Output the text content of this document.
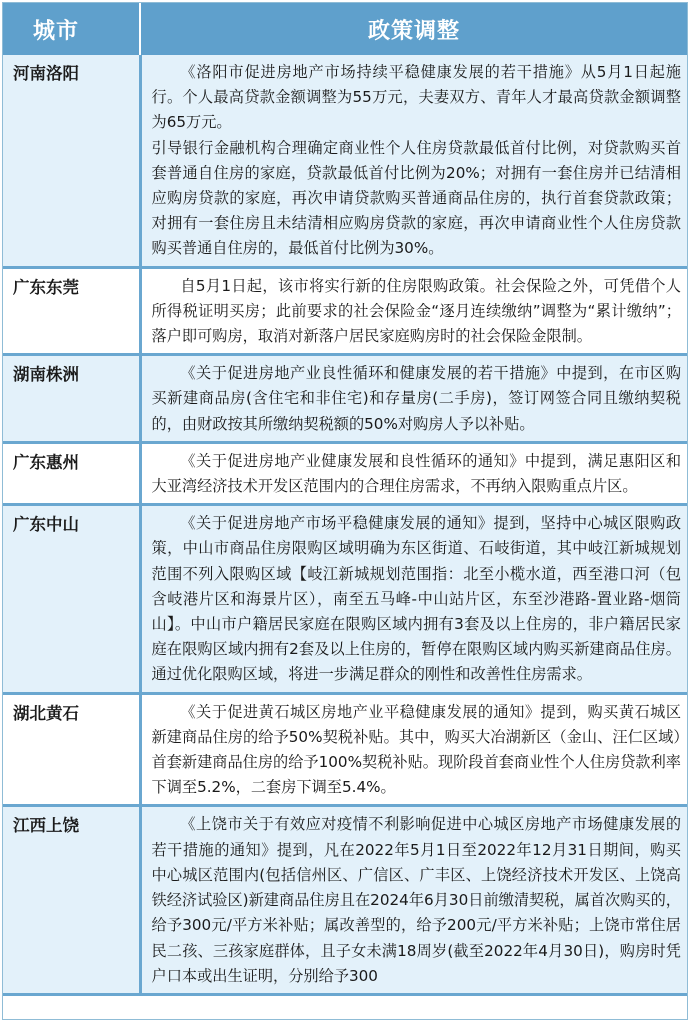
城市	政策调整
河南洛阳	《洛阳市促进房地产市场持续平稳健康发展的若干措施》从5月1日起施行。个人最高贷款金额调整为55万元，夫妻双方、青年人才最高贷款金额调整为65万元。
引导银行金融机构合理确定商业性个人住房贷款最低首付比例，对贷款购买首套普通自住房的家庭，贷款最低首付比例为20%；对拥有一套住房并已结清相应购房贷款的家庭，再次申请贷款购买普通商品住房的，执行首套贷款政策；对拥有一套住房且未结清相应购房贷款的家庭，再次申请商业性个人住房贷款购买普通自住房的，最低首付比例为30%。

广东东莞	自5月1日起，该市将实行新的住房限购政策。社会保险之外，可凭借个人所得税证明买房；此前要求的社会保险金“逐月连续缴纳”调整为“累计缴纳”；落户即可购房，取消对新落户居民家庭购房时的社会保险金限制。

湖南株洲	《关于促进房地产业良性循环和健康发展的若干措施》中提到，在市区购买新建商品房(含住宅和非住宅)和存量房(二手房)，签订网签合同且缴纳契税的，由财政按其所缴纳契税额的50%对购房人予以补贴。

广东惠州	《关于促进房地产业健康发展和良性循环的通知》中提到，满足惠阳区和大亚湾经济技术开发区范围内的合理住房需求，不再纳入限购重点片区。

广东中山	《关于促进房地产市场平稳健康发展的通知》提到，坚持中心城区限购政策，中山市商品住房限购区域明确为东区街道、石岐街道，其中岐江新城规划范围不列入限购区域【岐江新城规划范围指：北至小榄水道，西至港口河（包含岐港片区和海景片区），南至五马峰-中山站片区，东至沙港路-置业路-烟筒山】。中山市户籍居民家庭在限购区域内拥有3套及以上住房的，非户籍居民家庭在限购区域内拥有2套及以上住房的，暂停在限购区域内购买新建商品住房。通过优化限购区域，将进一步满足群众的刚性和改善性住房需求。

湖北黄石	《关于促进黄石城区房地产业平稳健康发展的通知》提到，购买黄石城区新建商品住房的给予50%契税补贴。其中，购买大冶湖新区（金山、汪仁区域）首套新建商品住房的给予100%契税补贴。现阶段首套商业性个人住房贷款利率下调至5.2%，二套房下调至5.4%。

江西上饶	《上饶市关于有效应对疫情不利影响促进中心城区房地产市场健康发展的若干措施的通知》提到，凡在2022年5月1日至2022年12月31日期间，购买中心城区范围内(包括信州区、广信区、广丰区、上饶经济技术开发区、上饶高铁经济试验区)新建商品住房且在2024年6月30日前缴清契税，属首次购买的，给予300元/平方米补贴；属改善型的，给予200元/平方米补贴；上饶市常住居民二孩、三孩家庭群体，且子女未满18周岁(截至2022年4月30日)，购房时凭户口本或出生证明，分别给予300
